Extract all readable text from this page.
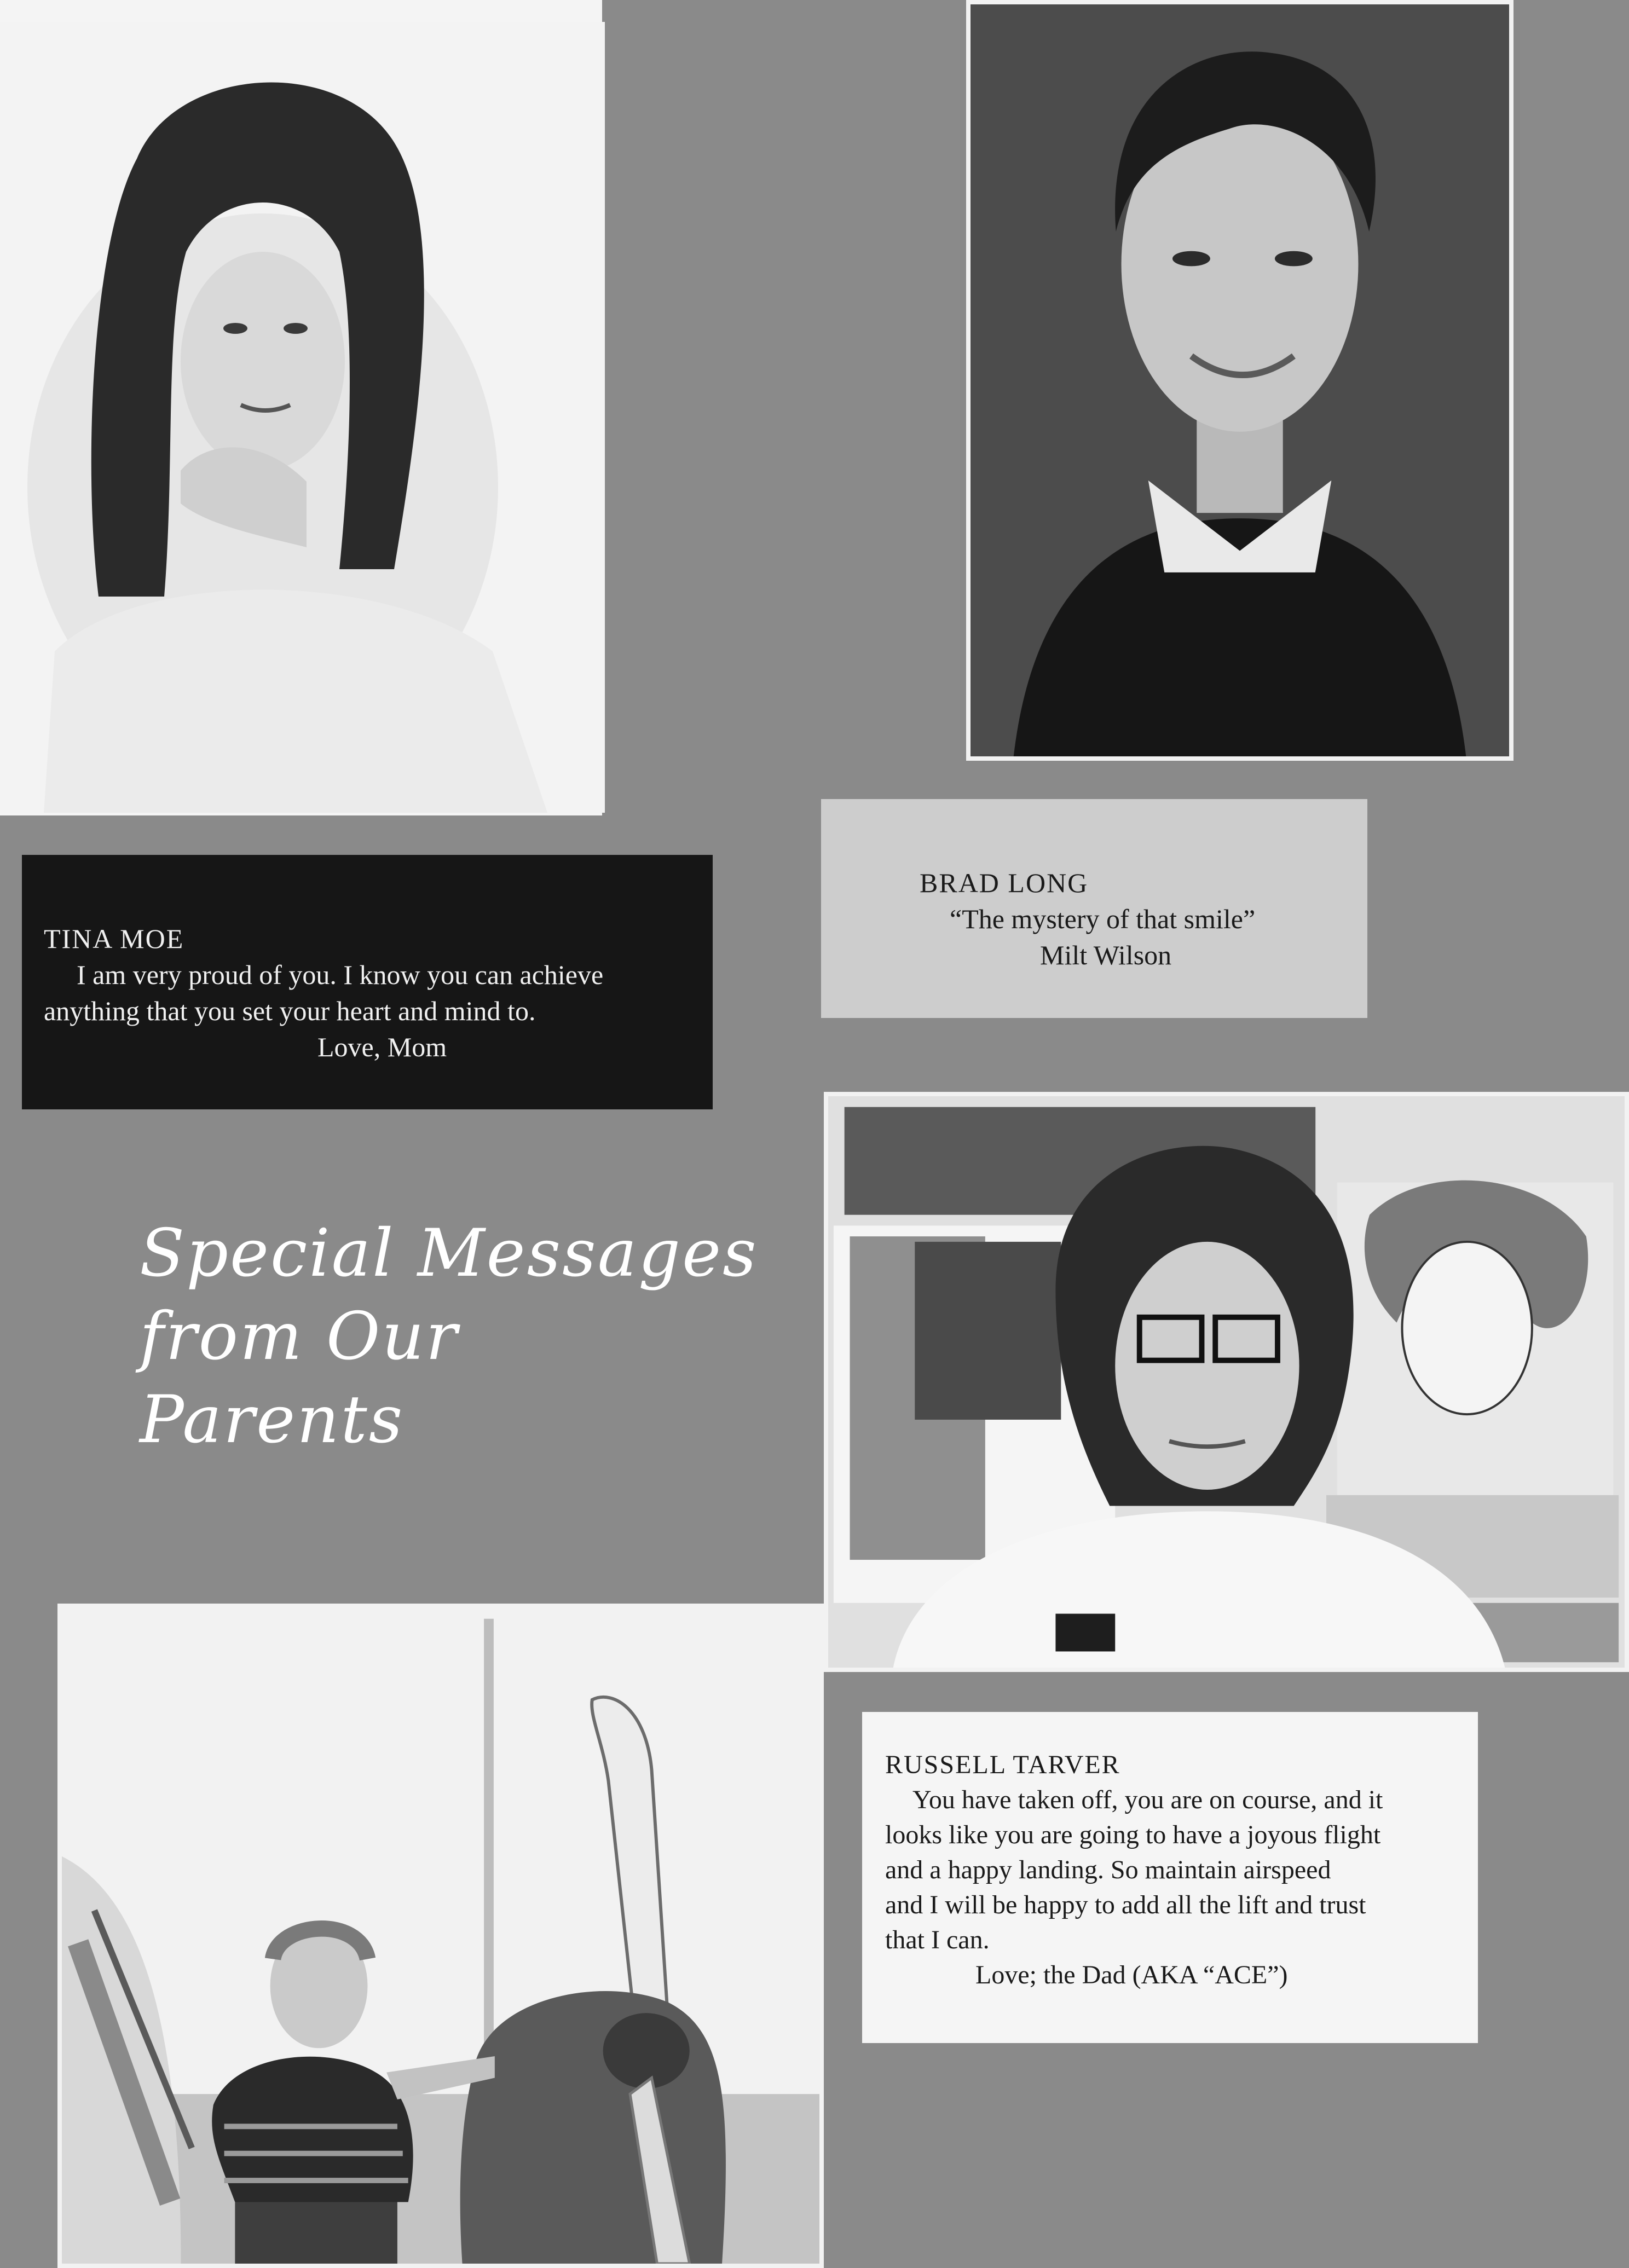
TINA MOE
I am very proud of you. I know you can achieve
anything that you set your heart and mind to.
Love, Mom
BRAD LONG
“The mystery of that smile”
Milt Wilson
Special Messages
from Our
Parents
RUSSELL TARVER
You have taken off, you are on course, and it
looks like you are going to have a joyous flight
and a happy landing. So maintain airspeed
and I will be happy to add all the lift and trust
that I can.
Love; the Dad (AKA “ACE”)
